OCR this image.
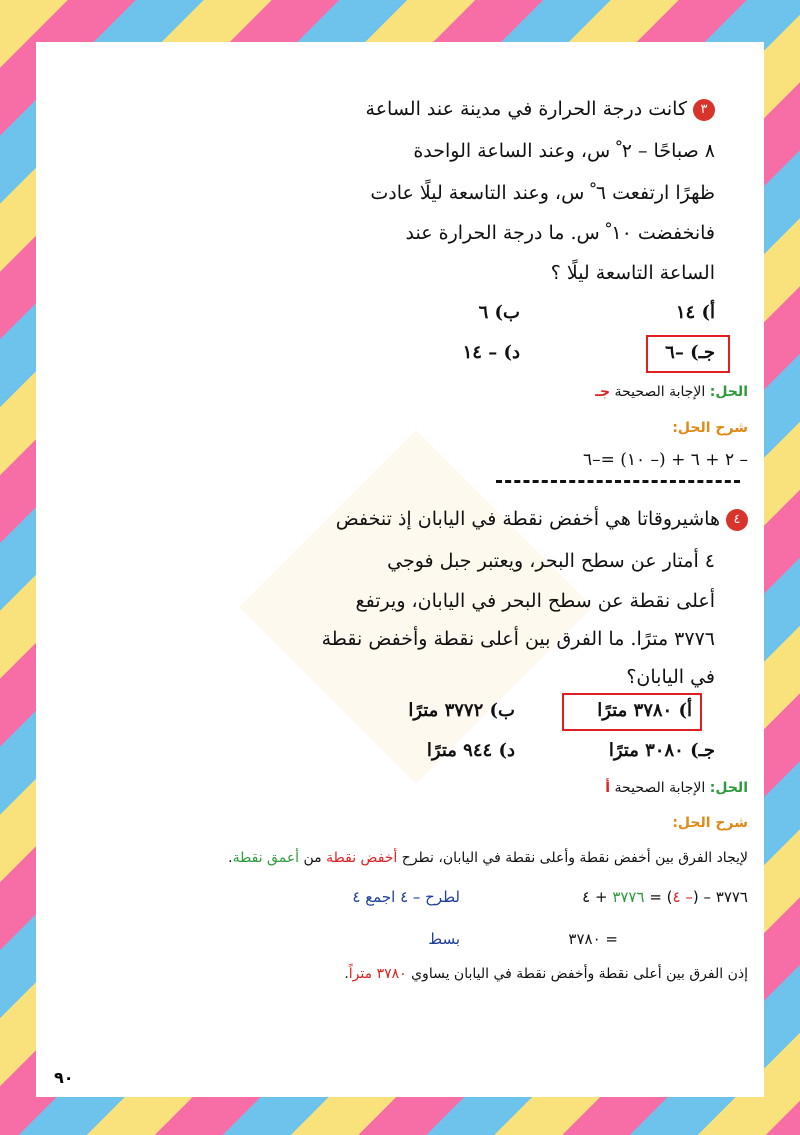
٣كانت درجة الحرارة في مدينة عند الساعة
٨ صباحًا – ٢ ْ س، وعند الساعة الواحدة
ظهرًا ارتفعت ٦ ْ س، وعند التاسعة ليلًا عادت
فانخفضت ١٠ ْ س. ما درجة الحرارة عند
الساعة التاسعة ليلًا ؟
أ) ١٤
ب) ٦
جـ) –٦
د) – ١٤
الحل: الإجابة الصحيحة جـ
شرح الحل:
– ٢ + ٦ + (– ١٠) =–٦
٤هاشيروقاتا هي أخفض نقطة في اليابان إذ تنخفض
٤ أمتار عن سطح البحر، ويعتبر جبل فوجي
أعلى نقطة عن سطح البحر في اليابان، ويرتفع
٣٧٧٦ مترًا. ما الفرق بين أعلى نقطة وأخفض نقطة
في اليابان؟
أ) ٣٧٨٠ مترًا
ب) ٣٧٧٢ مترًا
جـ) ٣٠٨٠ مترًا
د) ٩٤٤ مترًا
الحل: الإجابة الصحيحة أ
شرح الحل:
لإيجاد الفرق بين أخفض نقطة وأعلى نقطة في اليابان، نطرح أخفض نقطة من أعمق نقطة.
٣٧٧٦ – (– ٤) = ٣٧٧٦ + ٤
لطرح – ٤ اجمع ٤
= ٣٧٨٠
بسط
إذن الفرق بين أعلى نقطة وأخفض نقطة في اليابان يساوي ٣٧٨٠ متراً.
٩٠
